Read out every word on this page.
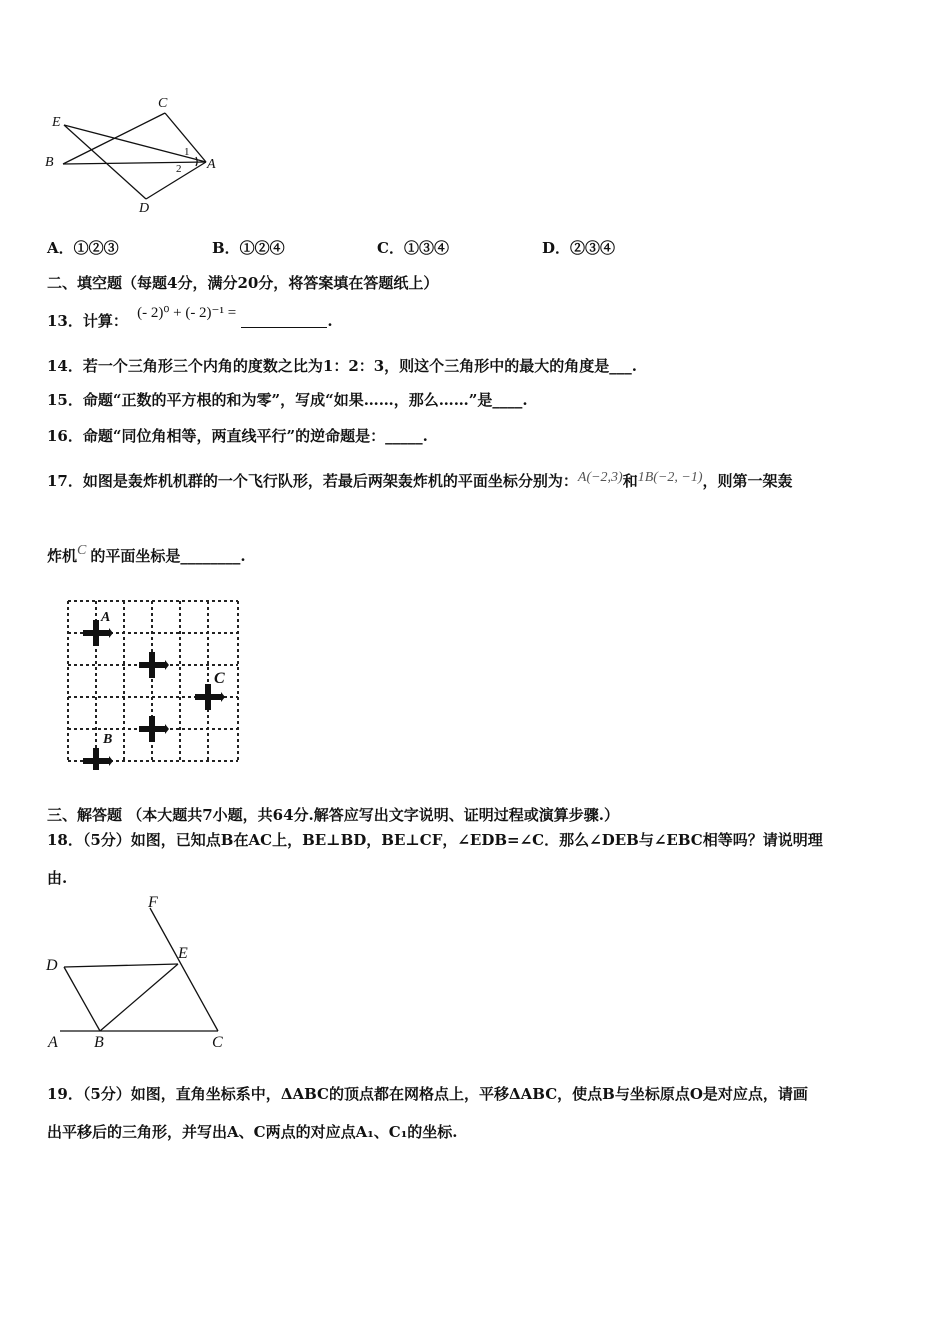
C
E
B	A
D
1
2
A．①②③	B．①②④	C．①③④	D．②③④
二、填空题（每题4分，满分20分，将答案填在答题纸上）
13．计算： (- 2)⁰ + (- 2)⁻¹ =	.
14．若一个三角形三个内角的度数之比为1：2：3，则这个三角形中的最大的角度是___.
15．命题“正数的平方根的和为零”，写成“如果……，那么……”是____.
16．命题“同位角相等，两直线平行”的逆命题是：_____.
17．如图是轰炸机机群的一个飞行队形，若最后两架轰炸机的平面坐标分别为：A(−2,3)和1B(−2, −1)，则第一架轰
炸机C 的平面坐标是________.
A
C
B
三、解答题 （本大题共7小题，共64分.解答应写出文字说明、证明过程或演算步骤.）
18．（5分）如图，已知点B在AC上，BE⊥BD，BE⊥CF，∠EDB=∠C．那么∠DEB与∠EBC相等吗？请说明理
由.
F
D
E
A B	C
19．（5分）如图，直角坐标系中，ΔABC的顶点都在网格点上，平移ΔABC，使点B与坐标原点O是对应点，请画
出平移后的三角形，并写出A、C两点的对应点A₁、C₁的坐标.
